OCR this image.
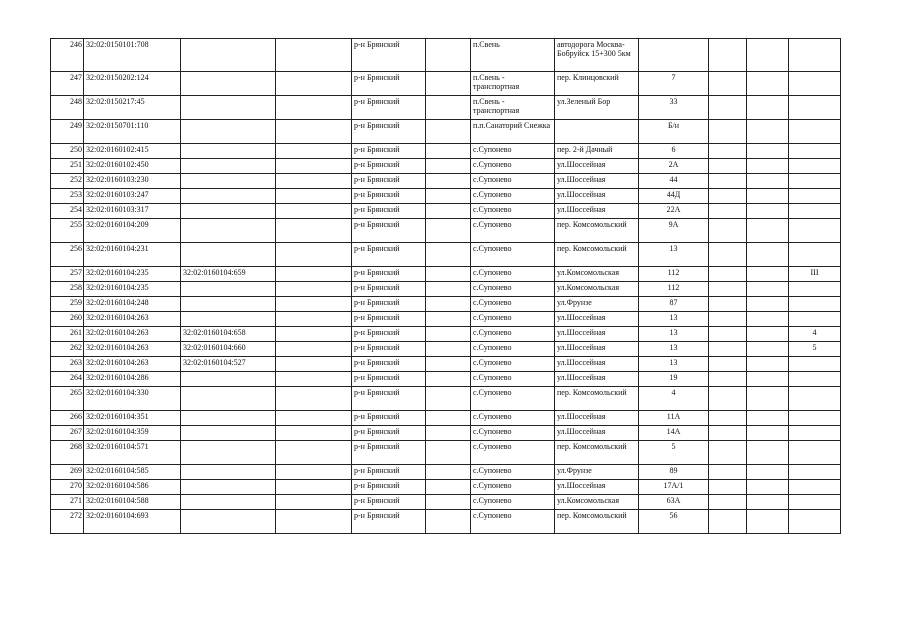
246	32:02:0150101:708			р-н Брянский		п.Свень	автодорога Москва-Бобруйск 15+300 5км				
247	32:02:0150202:124			р-н Брянский		п.Свень - транспортная	пер. Клинцовский	7			
248	32:02:0150217:45			р-н Брянский		п.Свень - транспортная	ул.Зеленый Бор	33			
249	32:02:0150701:110			р-н Брянский		п.п.Санаторий Снежка		Б/н			
250	32:02:0160102:415			р-н Брянский		с.Супонево	пер. 2-й Дачный	6			
251	32:02:0160102:450			р-н Брянский		с.Супонево	ул.Шоссейная	2А			
252	32:02:0160103:230			р-н Брянский		с.Супонево	ул.Шоссейная	44			
253	32:02:0160103:247			р-н Брянский		с.Супонево	ул.Шоссейная	44Д			
254	32:02:0160103:317			р-н Брянский		с.Супонево	ул.Шоссейная	22А			
255	32:02:0160104:209			р-н Брянский		с.Супонево	пер. Комсомольский	9А			
256	32:02:0160104:231			р-н Брянский		с.Супонево	пер. Комсомольский	13			
257	32:02:0160104:235	32:02:0160104:659		р-н Брянский		с.Супонево	ул.Комсомольская	112			III
258	32:02:0160104:235			р-н Брянский		с.Супонево	ул.Комсомольская	112			
259	32:02:0160104:248			р-н Брянский		с.Супонево	ул.Фрунзе	87			
260	32:02:0160104:263			р-н Брянский		с.Супонево	ул.Шоссейная	13			
261	32:02:0160104:263	32:02:0160104:658		р-н Брянский		с.Супонево	ул.Шоссейная	13			4
262	32:02:0160104:263	32:02:0160104:660		р-н Брянский		с.Супонево	ул.Шоссейная	13			5
263	32:02:0160104:263	32:02:0160104:527		р-н Брянский		с.Супонево	ул.Шоссейная	13			
264	32:02:0160104:286			р-н Брянский		с.Супонево	ул.Шоссейная	19			
265	32:02:0160104:330			р-н Брянский		с.Супонево	пер. Комсомольский	4			
266	32:02:0160104:351			р-н Брянский		с.Супонево	ул.Шоссейная	11А			
267	32:02:0160104:359			р-н Брянский		с.Супонево	ул.Шоссейная	14А			
268	32:02:0160104:571			р-н Брянский		с.Супонево	пер. Комсомольский	5			
269	32:02:0160104:585			р-н Брянский		с.Супонево	ул.Фрунзе	89			
270	32:02:0160104:586			р-н Брянский		с.Супонево	ул.Шоссейная	17А/1			
271	32:02:0160104:588			р-н Брянский		с.Супонево	ул.Комсомольская	63А			
272	32:02:0160104:693			р-н Брянский		с.Супонево	пер. Комсомольский	56			
